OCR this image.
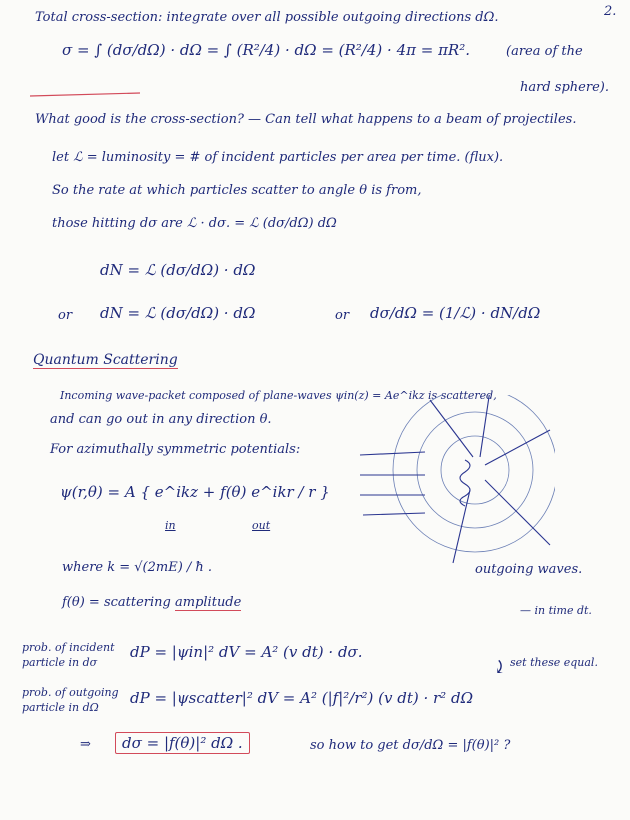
2.
Total cross-section: integrate over all possible outgoing directions dΩ.
σ = ∫ (dσ/dΩ) · dΩ = ∫ (R²/4) · dΩ = (R²/4) · 4π = πR².	(area of the
hard sphere).
What good is the cross-section? — Can tell what happens to a beam of projectiles.
let ℒ = luminosity = # of incident particles per area per time. (flux).
So the rate at which particles scatter to angle θ is from,
those hitting dσ are ℒ · dσ. = ℒ (dσ/dΩ) dΩ
dN = ℒ (dσ/dΩ) · dΩ
or dN = ℒ (dσ/dΩ) · dΩ	or dσ/dΩ = (1/ℒ) · dN/dΩ
Quantum Scattering
Incoming wave-packet composed of plane-waves ψin(z) = Ae^ikz is scattered,
and can go out in any direction θ.
For azimuthally symmetric potentials:
ψ(r,θ) = A { e^ikz + f(θ) e^ikr / r }
in	out
outgoing waves.
where k = √(2mE) / ħ .
f(θ) = scattering amplitude
— in time dt.
prob. of incident
particle in dσ
dP = |ψin|² dV = A² (v dt) · dσ.
⤸ set these equal.
prob. of outgoing
particle in dΩ
dP = |ψscatter|² dV = A² (|f|²/r²) (v dt) · r² dΩ
⇒	dσ = |f(θ)|² dΩ .	so how to get dσ/dΩ = |f(θ)|² ?
